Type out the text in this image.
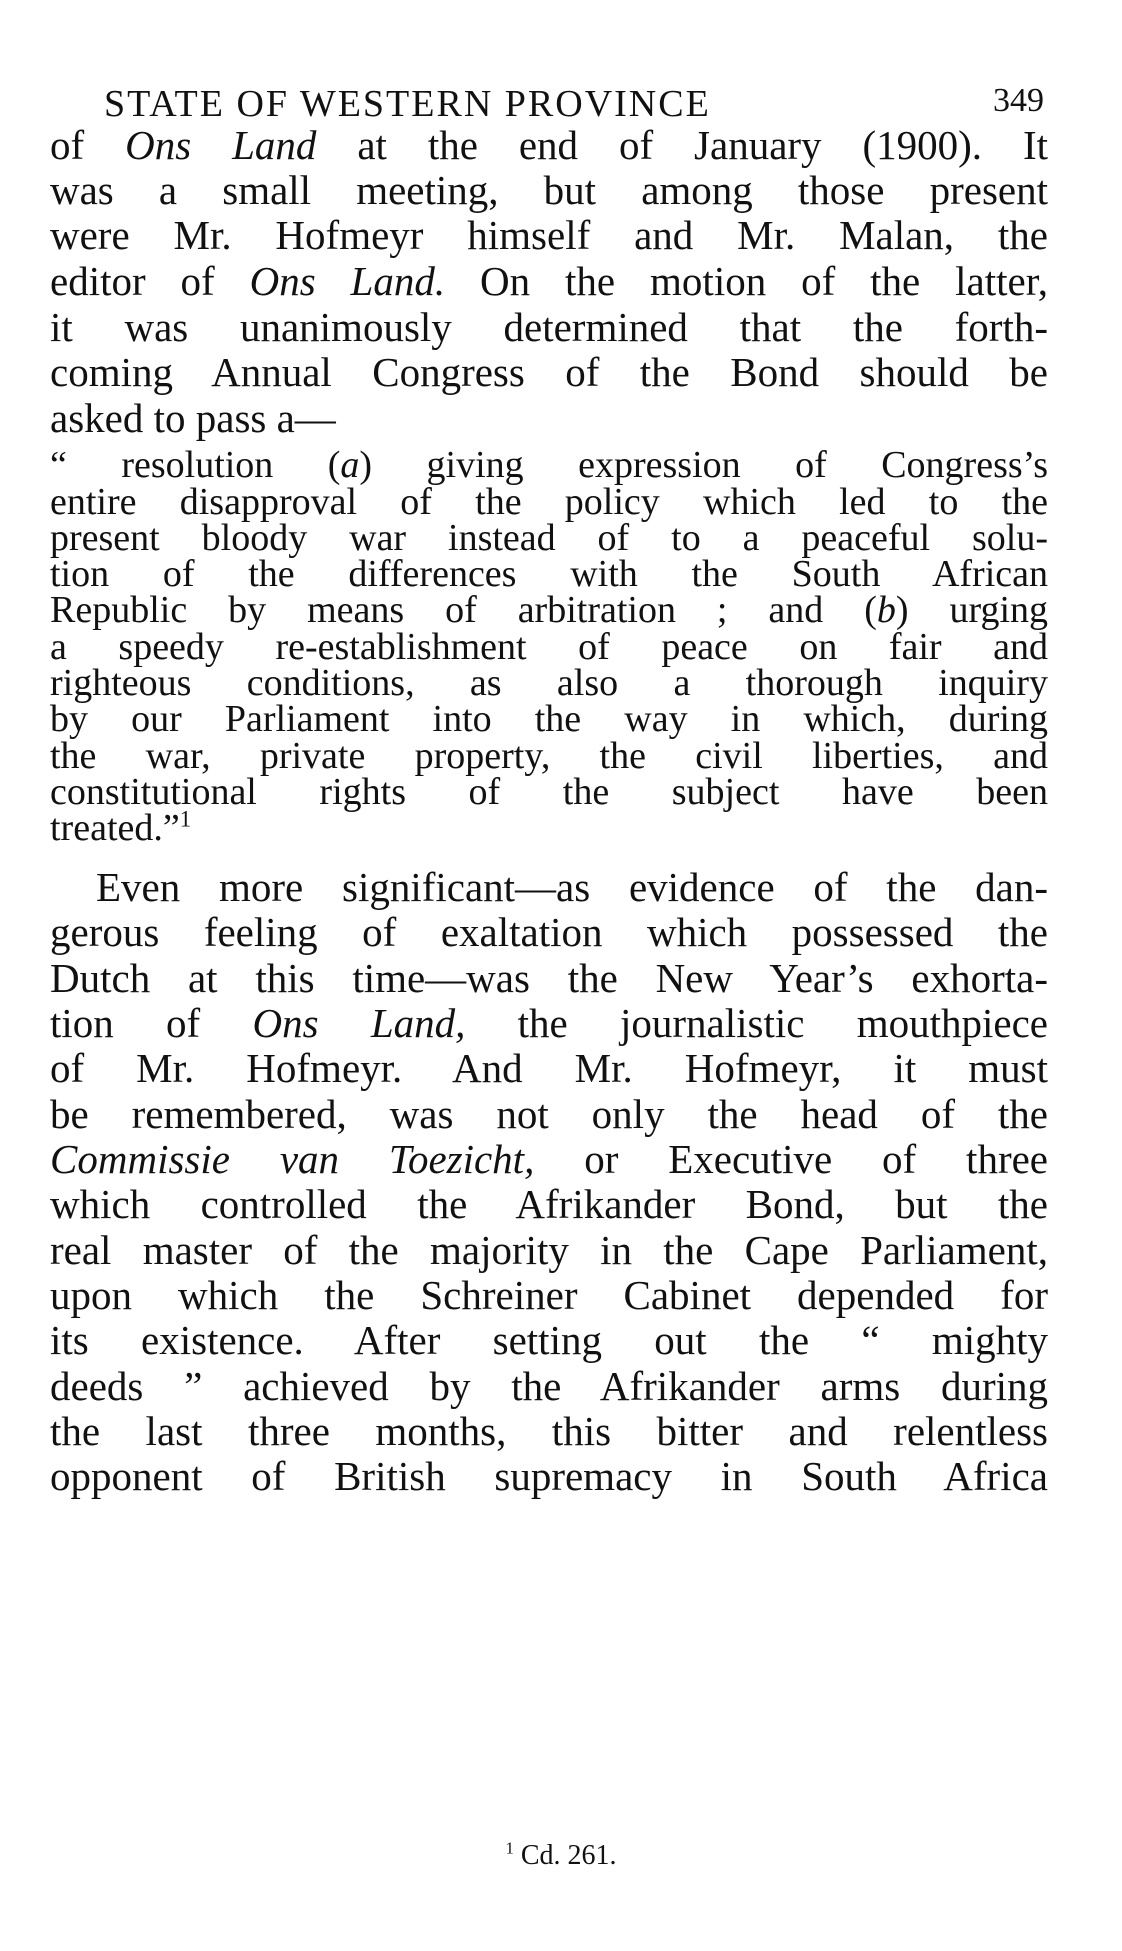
STATE OF WESTERN PROVINCE	349
of Ons Land at the end of January (1900). It
was a small meeting, but among those present
were Mr. Hofmeyr himself and Mr. Malan, the
editor of Ons Land. On the motion of the latter,
it was unanimously determined that the forth-
coming Annual Congress of the Bond should be
asked to pass a—
“ resolution (a) giving expression of Congress’s
entire disapproval of the policy which led to the
present bloody war instead of to a peaceful solu-
tion of the differences with the South African
Republic by means of arbitration ; and (b) urging
a speedy re-establishment of peace on fair and
righteous conditions, as also a thorough inquiry
by our Parliament into the way in which, during
the war, private property, the civil liberties, and
constitutional rights of the subject have been
treated.”$^1$
Even more significant—as evidence of the dan-
gerous feeling of exaltation which possessed the
Dutch at this time—was the New Year’s exhorta-
tion of Ons Land, the journalistic mouthpiece
of Mr. Hofmeyr. And Mr. Hofmeyr, it must
be remembered, was not only the head of the
Commissie van Toezicht, or Executive of three
which controlled the Afrikander Bond, but the
real master of the majority in the Cape Parliament,
upon which the Schreiner Cabinet depended for
its existence. After setting out the “ mighty
deeds ” achieved by the Afrikander arms during
the last three months, this bitter and relentless
opponent of British supremacy in South Africa
$^1$ Cd. 261.
